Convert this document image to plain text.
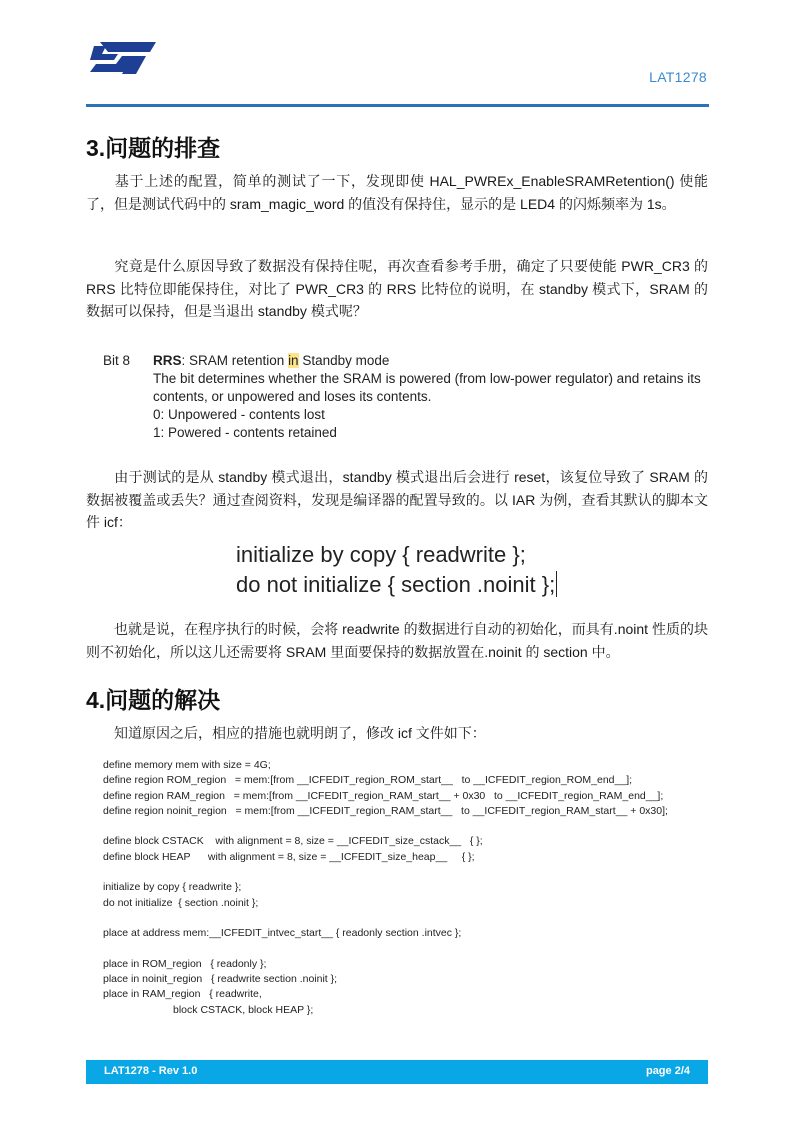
LAT1278
3.问题的排查
基于上述的配置，简单的测试了一下，发现即使 HAL_PWREx_EnableSRAMRetention() 使能了，但是测试代码中的 sram_magic_word 的值没有保持住，显示的是 LED4 的闪烁频率为 1s。
究竟是什么原因导致了数据没有保持住呢，再次查看参考手册，确定了只要使能 PWR_CR3 的 RRS 比特位即能保持住，对比了 PWR_CR3 的 RRS 比特位的说明，在 standby 模式下，SRAM 的数据可以保持，但是当退出 standby 模式呢？
Bit 8 RRS: SRAM retention in Standby mode
The bit determines whether the SRAM is powered (from low-power regulator) and retains its contents, or unpowered and loses its contents.
0: Unpowered - contents lost
1: Powered - contents retained
由于测试的是从 standby 模式退出，standby 模式退出后会进行 reset，该复位导致了 SRAM 的数据被覆盖或丢失？通过查阅资料，发现是编译器的配置导致的。以 IAR 为例，查看其默认的脚本文件 icf：
initialize by copy { readwrite };
do not initialize { section .noinit };
也就是说，在程序执行的时候，会将 readwrite 的数据进行自动的初始化，而具有.noint 性质的块则不初始化，所以这儿还需要将 SRAM 里面要保持的数据放置在.noinit 的 section 中。
4.问题的解决
知道原因之后，相应的措施也就明朗了，修改 icf 文件如下：
define memory mem with size = 4G;
define region ROM_region   = mem:[from __ICFEDIT_region_ROM_start__   to __ICFEDIT_region_ROM_end__];
define region RAM_region   = mem:[from __ICFEDIT_region_RAM_start__ + 0x30   to __ICFEDIT_region_RAM_end__];
define region noinit_region   = mem:[from __ICFEDIT_region_RAM_start__   to __ICFEDIT_region_RAM_start__ + 0x30];
define block CSTACK    with alignment = 8, size = __ICFEDIT_size_cstack__   { };
define block HEAP      with alignment = 8, size = __ICFEDIT_size_heap__     { };
initialize by copy { readwrite };
do not initialize  { section .noinit };
place at address mem:__ICFEDIT_intvec_start__ { readonly section .intvec };
place in ROM_region   { readonly };
place in noinit_region   { readwrite section .noinit };
place in RAM_region   { readwrite,
block CSTACK, block HEAP };
LAT1278 - Rev 1.0	page 2/4
